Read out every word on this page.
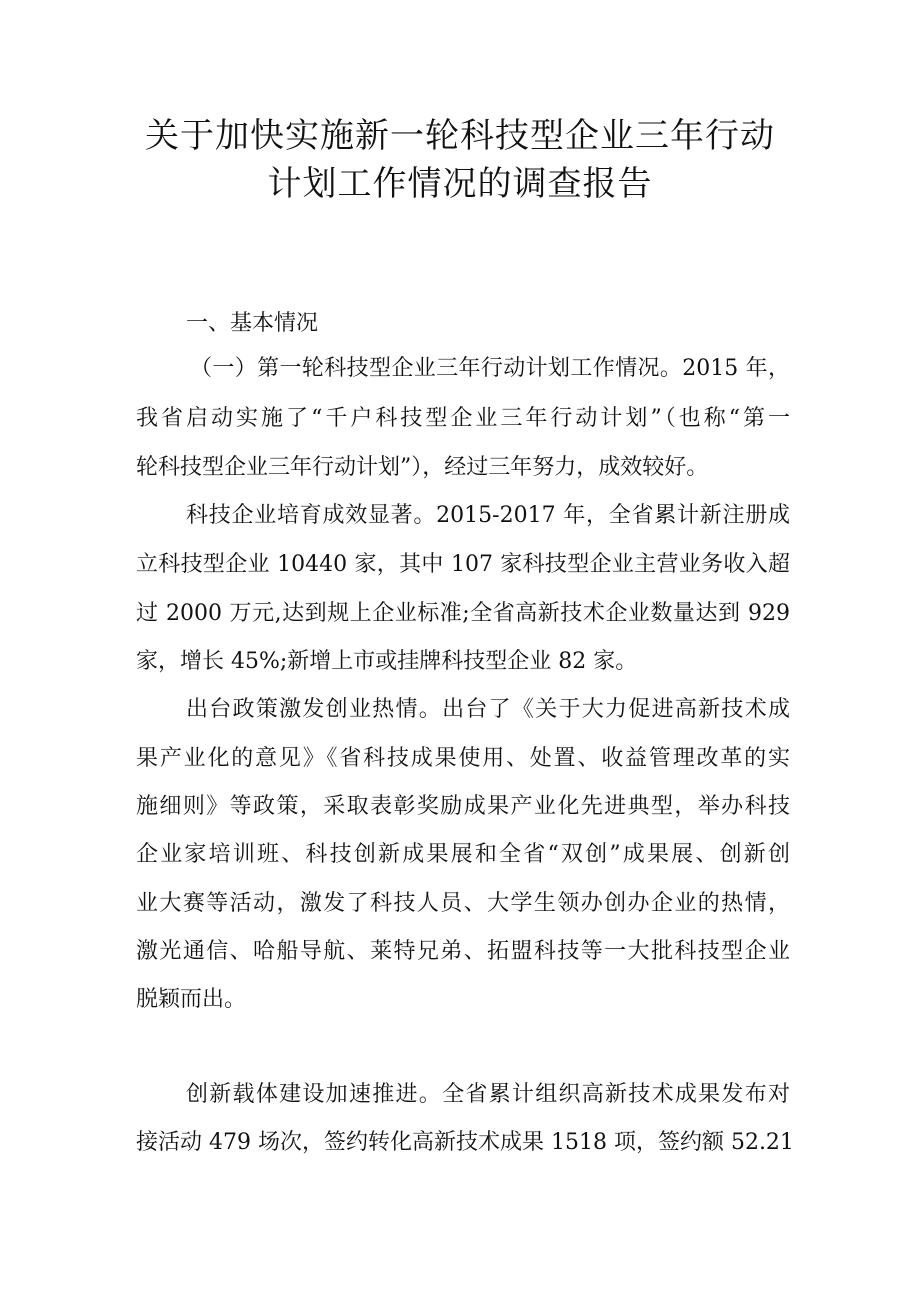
关于加快实施新一轮科技型企业三年行动
计划工作情况的调查报告
一、基本情况
（一）第一轮科技型企业三年行动计划工作情况。2015 年，
我省启动实施了“千户科技型企业三年行动计划”（也称“第一
轮科技型企业三年行动计划”），经过三年努力，成效较好。
科技企业培育成效显著。2015-2017 年，全省累计新注册成
立科技型企业 10440 家，其中 107 家科技型企业主营业务收入超
过 2000 万元,达到规上企业标准;全省高新技术企业数量达到 929
家，增长 45%;新增上市或挂牌科技型企业 82 家。
出台政策激发创业热情。出台了《关于大力促进高新技术成
果产业化的意见》《省科技成果使用、处置、收益管理改革的实
施细则》等政策，采取表彰奖励成果产业化先进典型，举办科技
企业家培训班、科技创新成果展和全省“双创”成果展、创新创
业大赛等活动，激发了科技人员、大学生领办创办企业的热情，
激光通信、哈船导航、莱特兄弟、拓盟科技等一大批科技型企业
脱颖而出。
创新载体建设加速推进。全省累计组织高新技术成果发布对
接活动 479 场次，签约转化高新技术成果 1518 项，签约额 52.21
